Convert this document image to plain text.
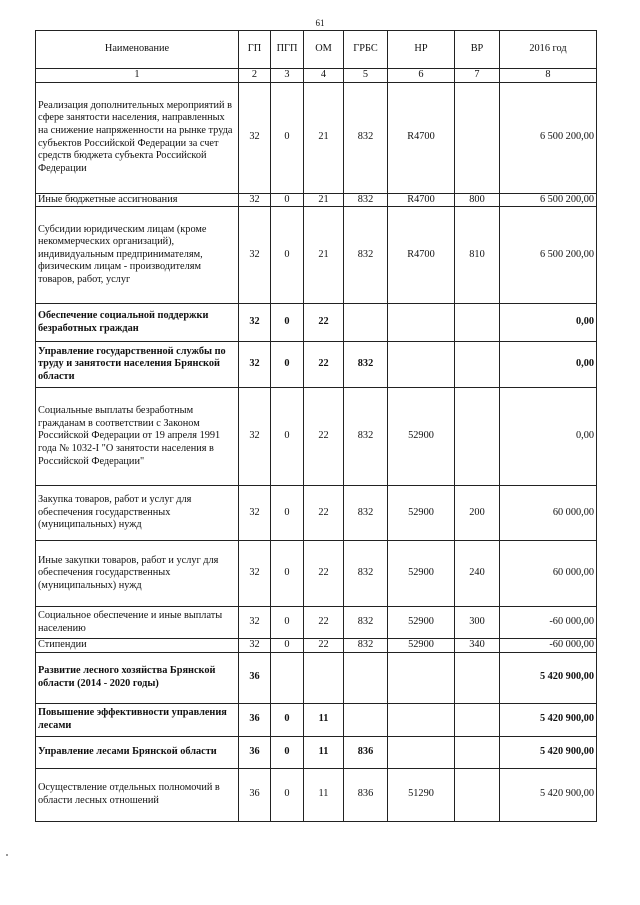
61
Наименование	ГП	ПГП	ОМ	ГРБС	НР	ВР	2016 год
1	2	3	4	5	6	7	8
Реализация дополнительных мероприятий в сфере занятости населения, направленных на снижение напряженности на рынке труда субъектов Российской Федерации за счет средств бюджета субъекта Российской Федерации	32	0	21	832	R4700		6 500 200,00
Иные бюджетные ассигнования	32	0	21	832	R4700	800	6 500 200,00
Субсидии юридическим лицам (кроме некоммерческих организаций), индивидуальным предпринимателям, физическим лицам - производителям товаров, работ, услуг	32	0	21	832	R4700	810	6 500 200,00
Обеспечение социальной поддержки безработных граждан	32	0	22				0,00
Управление государственной службы по труду и занятости населения Брянской области	32	0	22	832			0,00
Социальные выплаты безработным гражданам в соответствии с Законом Российской Федерации от 19 апреля 1991 года № 1032-I "О занятости населения в Российской Федерации"	32	0	22	832	52900		0,00
Закупка товаров, работ и услуг для обеспечения государственных (муниципальных) нужд	32	0	22	832	52900	200	60 000,00
Иные закупки товаров, работ и услуг для обеспечения государственных (муниципальных) нужд	32	0	22	832	52900	240	60 000,00
Социальное обеспечение и иные выплаты населению	32	0	22	832	52900	300	-60 000,00
Стипендии	32	0	22	832	52900	340	-60 000,00
Развитие лесного хозяйства Брянской области (2014 - 2020 годы)	36						5 420 900,00
Повышение эффективности управления лесами	36	0	11				5 420 900,00
Управление лесами Брянской области	36	0	11	836			5 420 900,00
Осуществление отдельных полномочий в области лесных отношений	36	0	11	836	51290		5 420 900,00
